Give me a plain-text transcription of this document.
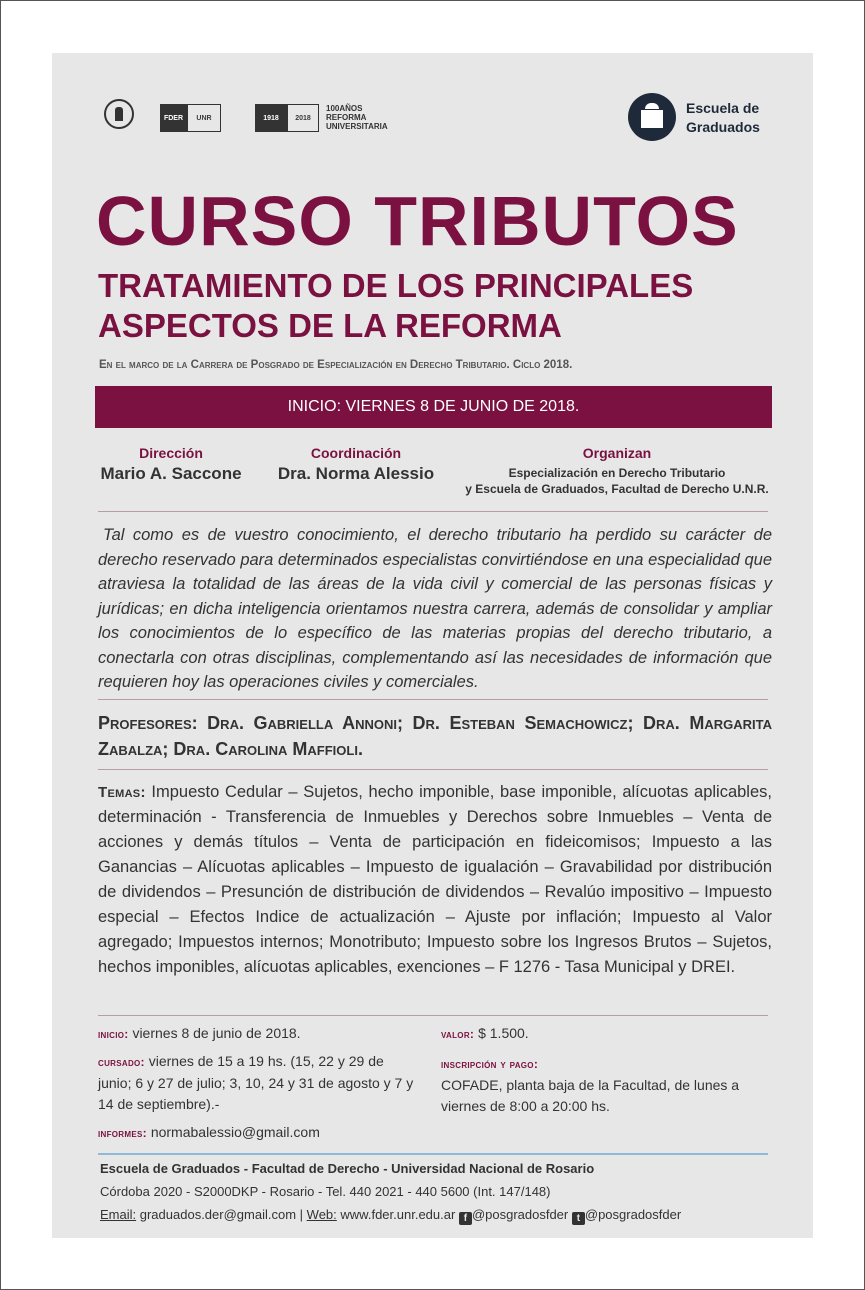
FDER UNR	1918 2018
100AÑOS
REFORMA
UNIVERSITARIA
Escuela de
Graduados
CURSO TRIBUTOS
TRATAMIENTO DE LOS PRINCIPALES
ASPECTOS DE LA REFORMA
En el marco de la Carrera de Posgrado de Especialización en Derecho Tributario. Ciclo 2018.
INICIO: VIERNES 8 DE JUNIO DE 2018.
Dirección
Mario A. Saccone
Coordinación
Dra. Norma Alessio
Organizan
Especialización en Derecho Tributario
y Escuela de Graduados, Facultad de Derecho U.N.R.
Tal como es de vuestro conocimiento, el derecho tributario ha perdido su carácter de derecho reservado para determinados especialistas convirtiéndose en una especialidad que atraviesa la totalidad de las áreas de la vida civil y comercial de las personas físicas y jurídicas; en dicha inteligencia orientamos nuestra carrera, además de consolidar y ampliar los conocimientos de lo específico de las materias propias del derecho tributario, a conectarla con otras disciplinas, complementando así las necesidades de información que requieren hoy las operaciones civiles y comerciales.
Profesores: Dra. Gabriella Annoni; Dr. Esteban Semachowicz; Dra. Margarita Zabalza; Dra. Carolina Maffioli.
Temas: Impuesto Cedular – Sujetos, hecho imponible, base imponible, alícuotas aplicables, determinación - Transferencia de Inmuebles y Derechos sobre Inmuebles – Venta de acciones y demás títulos – Venta de participación en fideicomisos; Impuesto a las Ganancias – Alícuotas aplicables – Impuesto de igualación – Gravabilidad por distribución de dividendos – Presunción de distribución de dividendos – Revalúo impositivo – Impuesto especial – Efectos Indice de actualización – Ajuste por inflación; Impuesto al Valor agregado; Impuestos internos; Monotributo; Impuesto sobre los Ingresos Brutos – Sujetos, hechos imponibles, alícuotas aplicables, exenciones – F 1276 - Tasa Municipal y DREI.
inicio: viernes 8 de junio de 2018.
cursado: viernes de 15 a 19 hs. (15, 22 y 29 de junio; 6 y 27 de julio; 3, 10, 24 y 31 de agosto y 7 y 14 de septiembre).-
informes: normabalessio@gmail.com
valor: $ 1.500.
inscripción y pago:
COFADE, planta baja de la Facultad, de lunes a viernes de 8:00 a 20:00 hs.
Escuela de Graduados - Facultad de Derecho - Universidad Nacional de Rosario
Córdoba 2020 - S2000DKP - Rosario - Tel. 440 2021 - 440 5600 (Int. 147/148)
Email: graduados.der@gmail.com | Web: www.fder.unr.edu.ar f @posgradosfder t @posgradosfder
